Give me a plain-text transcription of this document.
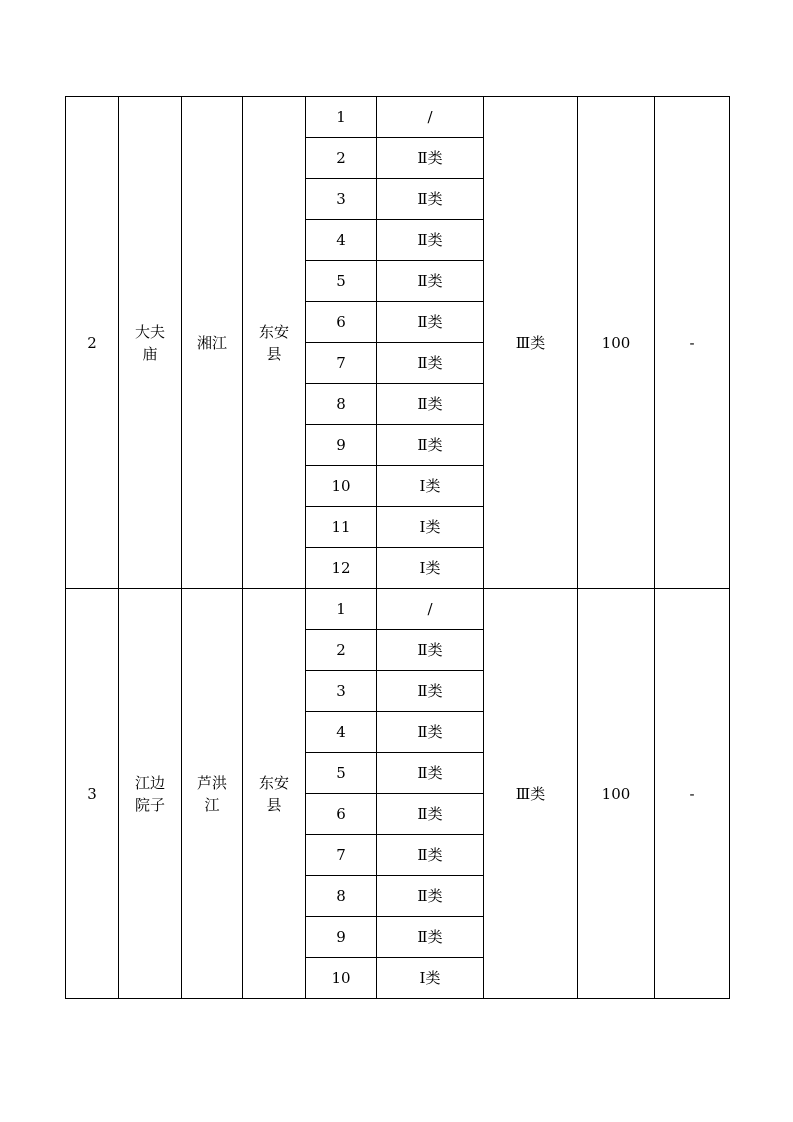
2	大夫庙	湘江	东安县	1	/	Ⅲ类	100	-
				2	Ⅱ类			
				3	Ⅱ类			
				4	Ⅱ类			
				5	Ⅱ类			
				6	Ⅱ类			
				7	Ⅱ类			
				8	Ⅱ类			
				9	Ⅱ类			
				10	Ⅰ类			
				11	Ⅰ类			
				12	Ⅰ类			
3	江边院子	芦洪江	东安县	1	/	Ⅲ类	100	-
				2	Ⅱ类			
				3	Ⅱ类			
				4	Ⅱ类			
				5	Ⅱ类			
				6	Ⅱ类			
				7	Ⅱ类			
				8	Ⅱ类			
				9	Ⅱ类			
				10	Ⅰ类			
